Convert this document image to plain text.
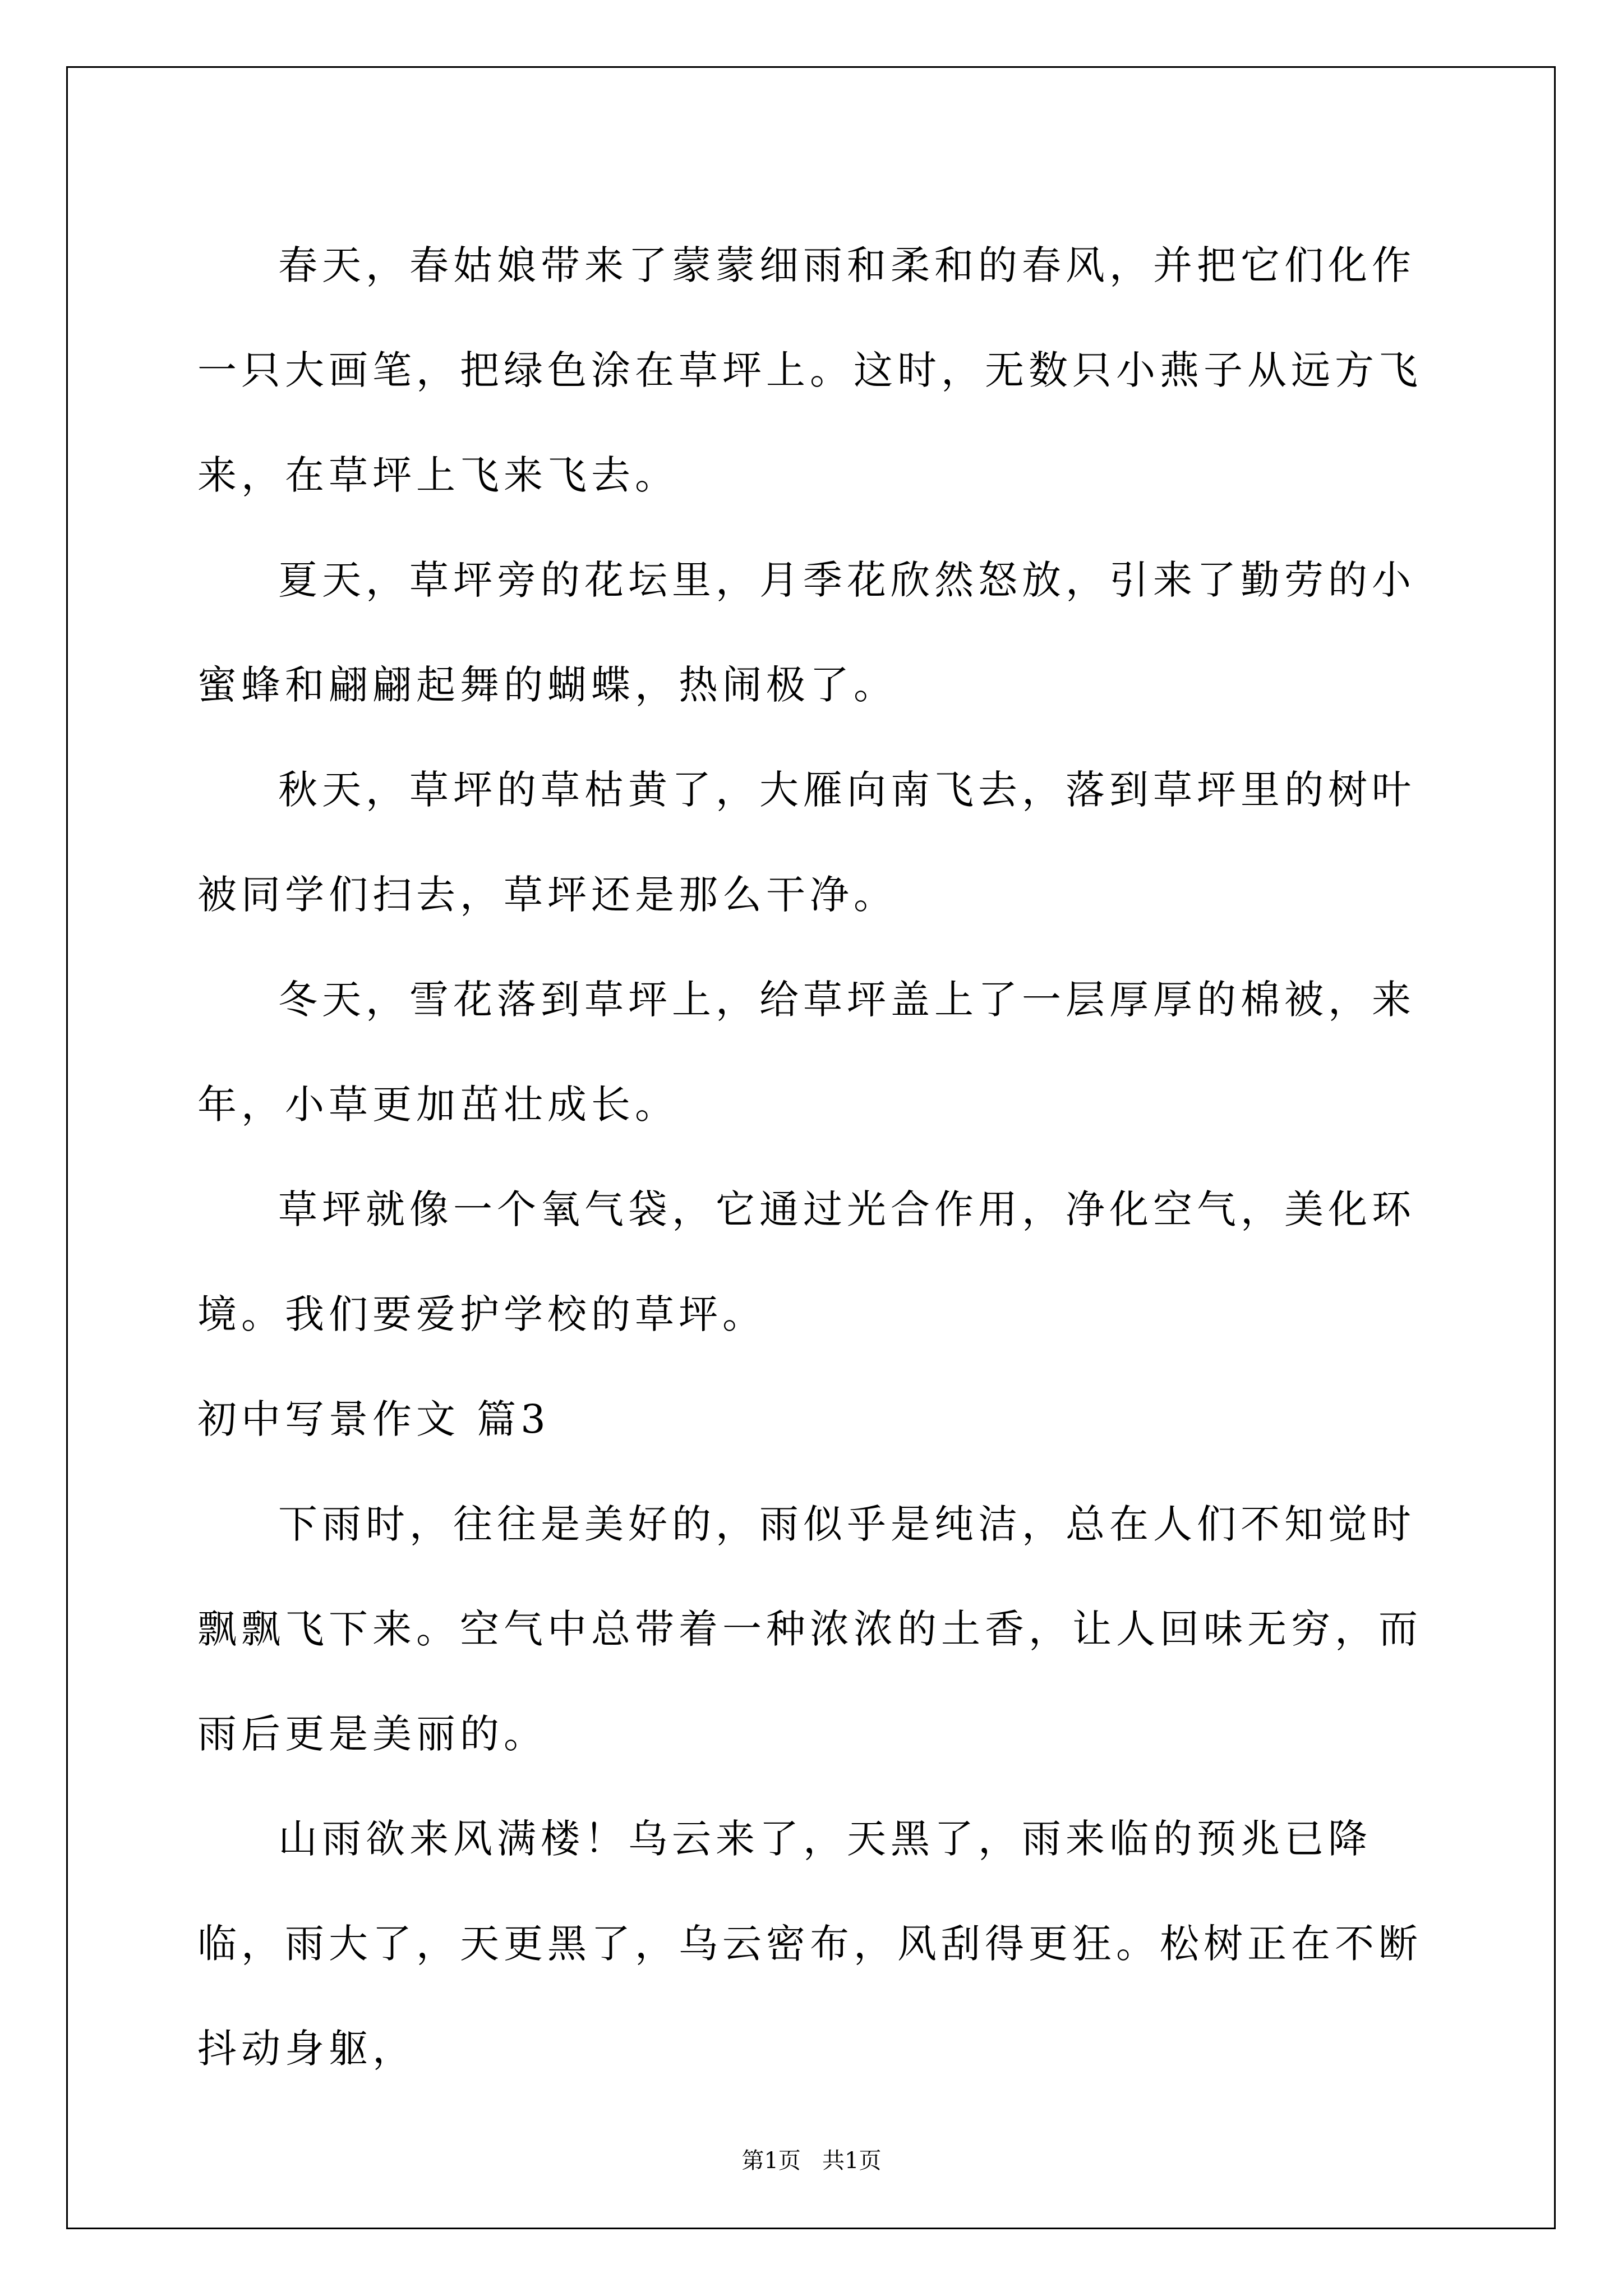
春天，春姑娘带来了蒙蒙细雨和柔和的春风，并把它们化作一只大画笔，把绿色涂在草坪上。这时，无数只小燕子从远方飞来，在草坪上飞来飞去。

夏天，草坪旁的花坛里，月季花欣然怒放，引来了勤劳的小蜜蜂和翩翩起舞的蝴蝶，热闹极了。

秋天，草坪的草枯黄了，大雁向南飞去，落到草坪里的树叶被同学们扫去，草坪还是那么干净。

冬天，雪花落到草坪上，给草坪盖上了一层厚厚的棉被，来年，小草更加茁壮成长。

草坪就像一个氧气袋，它通过光合作用，净化空气，美化环境。我们要爱护学校的草坪。

初中写景作文 篇3

下雨时，往往是美好的，雨似乎是纯洁，总在人们不知觉时飘飘飞下来。空气中总带着一种浓浓的土香，让人回味无穷，而雨后更是美丽的。

山雨欲来风满楼！乌云来了，天黑了，雨来临的预兆已降临，雨大了，天更黑了，乌云密布，风刮得更狂。松树正在不断抖动身躯，

第1页   共1页
